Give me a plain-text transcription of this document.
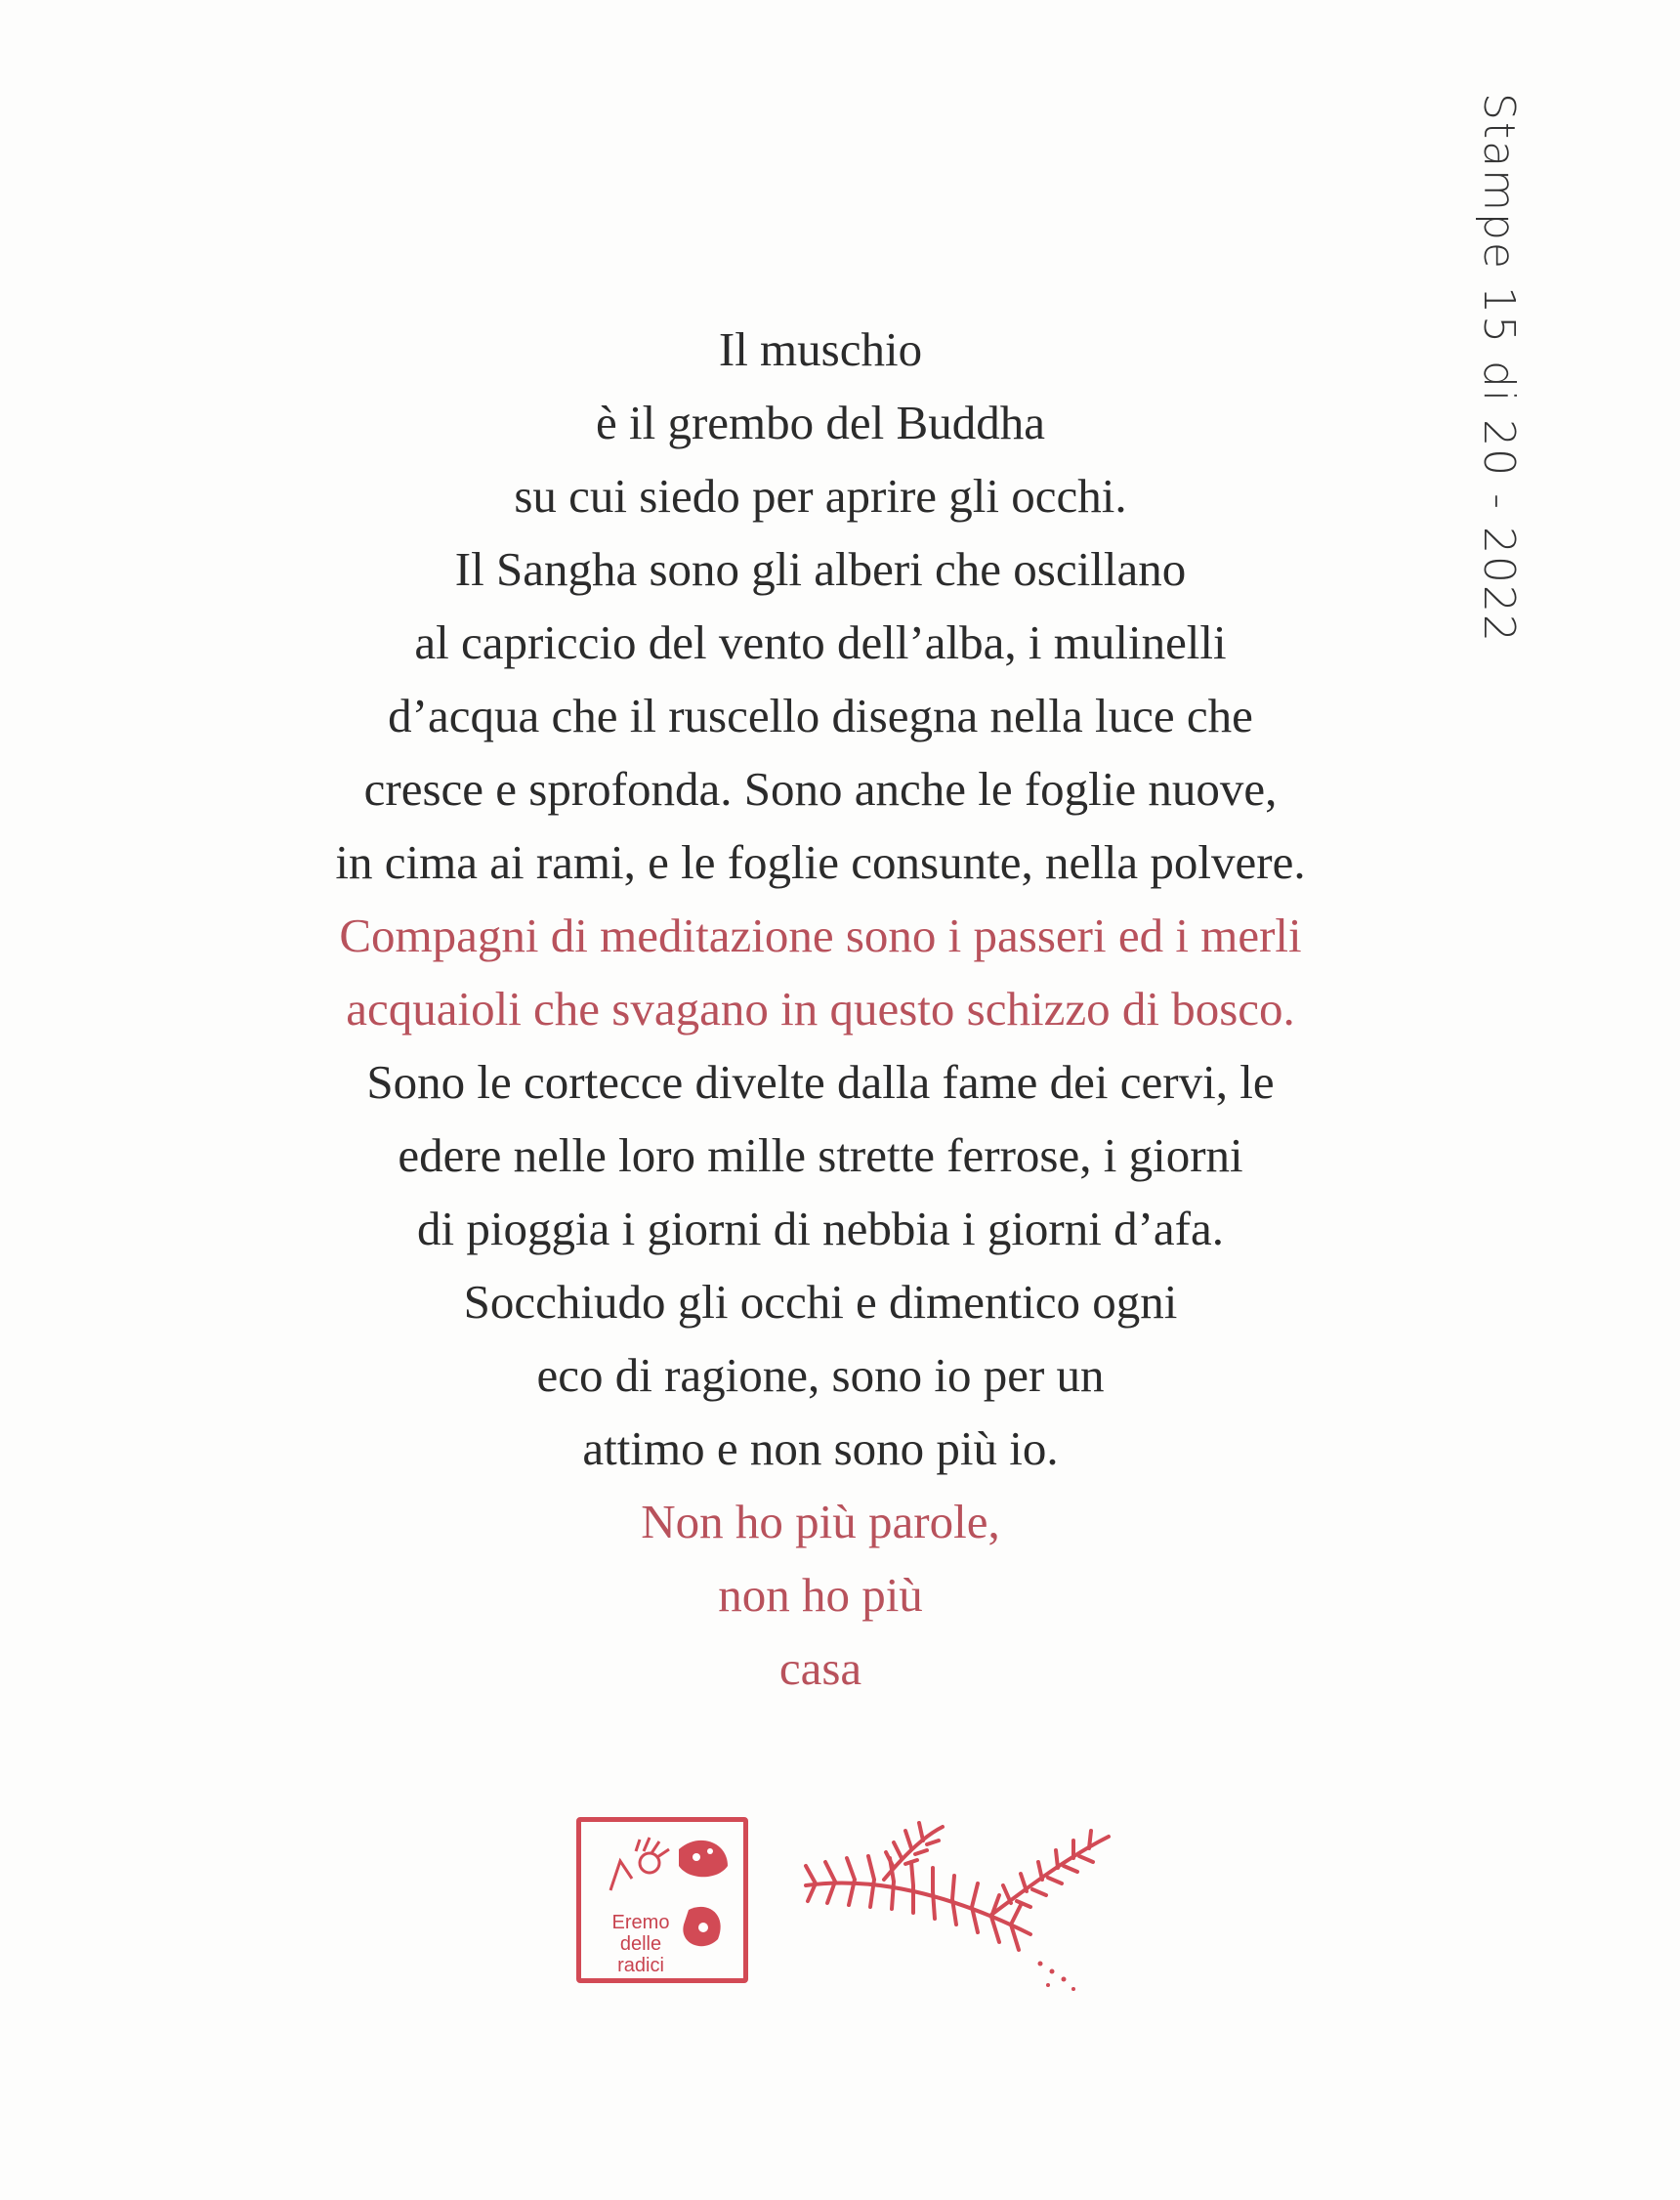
Stampe 15 di 20 - 2022
Il muschio
è il grembo del Buddha
su cui siedo per aprire gli occhi.
Il Sangha sono gli alberi che oscillano
al capriccio del vento dell’alba, i mulinelli
d’acqua che il ruscello disegna nella luce che
cresce e sprofonda. Sono anche le foglie nuove,
in cima ai rami, e le foglie consunte, nella polvere.
Compagni di meditazione sono i passeri ed i merli
acquaioli che svagano in questo schizzo di bosco.
Sono le cortecce divelte dalla fame dei cervi, le
edere nelle loro mille strette ferrose, i giorni
di pioggia i giorni di nebbia i giorni d’afa.
Socchiudo gli occhi e dimentico ogni
eco di ragione, sono io per un
attimo e non sono più io.
Non ho più parole,
non ho più
casa
Eremo
delle
radici
